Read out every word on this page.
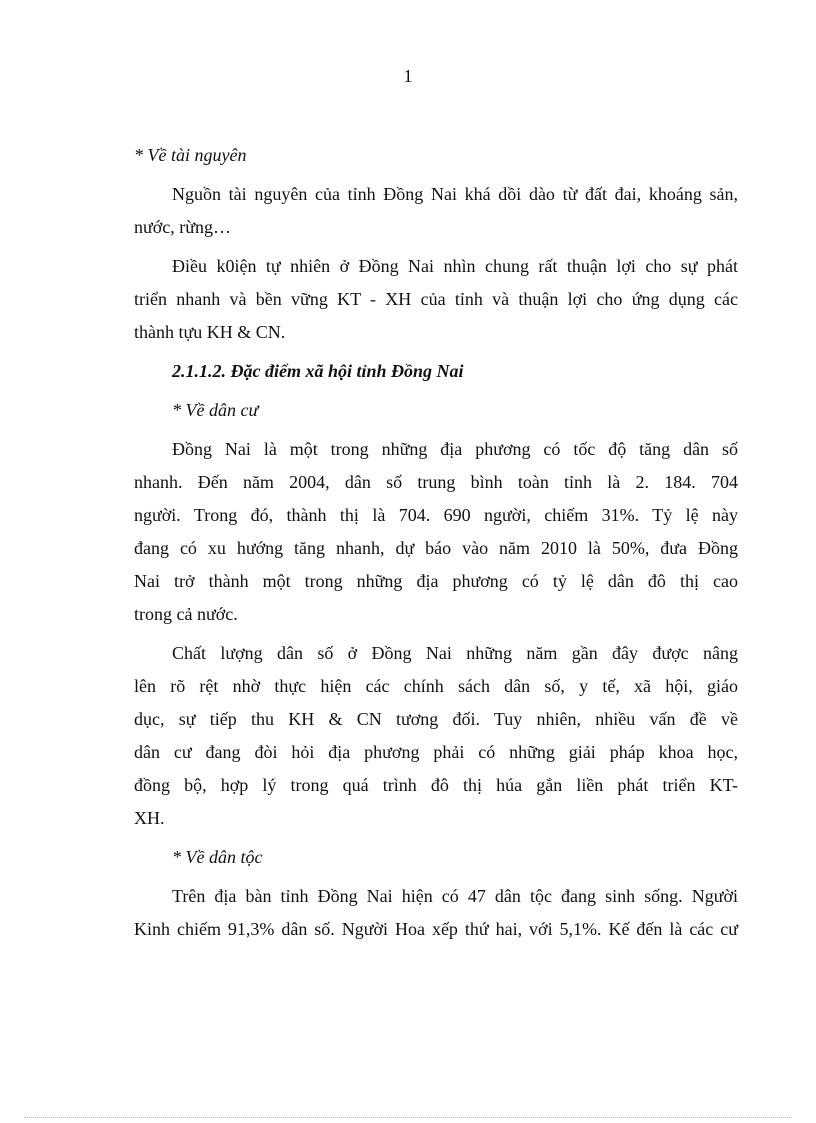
1
* Về tài nguyên
Nguồn tài nguyên của tỉnh Đồng Nai khá dồi dào từ đất đai, khoáng sản,
nước, rừng…
Điều k0iện tự nhiên ở Đồng Nai nhìn chung rất thuận lợi cho sự phát
triển nhanh và bền vững KT - XH của tỉnh và thuận lợi cho ứng dụng các
thành tựu KH & CN.
2.1.1.2. Đặc điểm xã hội tỉnh Đồng Nai
* Về dân cư
Đồng Nai là một trong những địa phương có tốc độ tăng dân số
nhanh. Đến năm 2004, dân số trung bình toàn tỉnh là 2. 184. 704
người. Trong đó, thành thị là 704. 690 người, chiếm 31%. Tỷ lệ này
đang có xu hướng tăng nhanh, dự báo vào năm 2010 là 50%, đưa Đồng
Nai trở thành một trong những địa phương có tỷ lệ dân đô thị cao
trong cả nước.
Chất lượng dân số ở Đồng Nai những năm gần đây được nâng
lên rõ rệt nhờ thực hiện các chính sách dân số, y tế, xã hội, giáo
dục, sự tiếp thu KH & CN tương đối. Tuy nhiên, nhiều vấn đề về
dân cư đang đòi hỏi địa phương phải có những giải pháp khoa học,
đồng bộ, hợp lý trong quá trình đô thị húa gắn liền phát triển KT-
XH.
* Về dân tộc
Trên địa bàn tỉnh Đồng Nai hiện có 47 dân tộc đang sinh sống. Người
Kinh chiếm 91,3% dân số. Người Hoa xếp thứ hai, với 5,1%. Kế đến là các cư
